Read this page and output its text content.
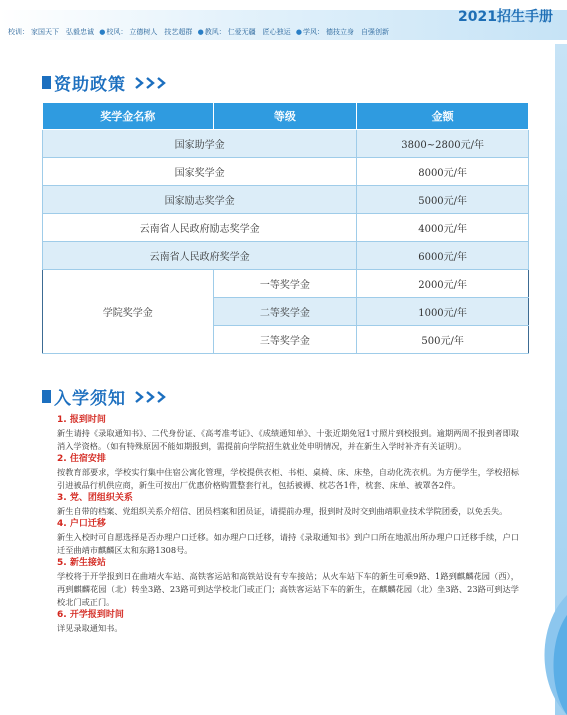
2021招生手册
校训： 家国天下　弘毅忠诚 ●校风： 立德树人　技艺超群 ●教风： 仁爱无疆　匠心独运 ●学风： 德技立身　自强创新
资助政策
奖学金名称	等级	金额
国家助学金		3800~2800元/年
国家奖学金		8000元/年
国家励志奖学金		5000元/年
云南省人民政府励志奖学金		4000元/年
云南省人民政府奖学金		6000元/年
学院奖学金	一等奖学金	2000元/年
	二等奖学金	1000元/年
	三等奖学金	500元/年
入学须知
1. 报到时间
新生请持《录取通知书》、二代身份证、《高考准考证》、《成绩通知单》、十张近期免冠1寸照片到校报到。逾期两周不报到者即取消入学资格。（如有特殊原因不能如期报到，需提前向学院招生就业处申明情况，并在新生入学时补齐有关证明）。
2. 住宿安排
按教育部要求，学校实行集中住宿公寓化管理，学校提供衣柜、书柜、桌椅、床、床垫，自动化洗衣机。为方便学生，学校招标引进被品行机供应商，新生可按出厂优惠价格购置整套行礼，包括被褥、枕芯各1件，枕套、床单、被罩各2件。
3. 党、团组织关系
新生自带的档案、党组织关系介绍信、团员档案和团员证，请提前办理，报到时及时交到曲靖职业技术学院团委，以免丢失。
4. 户口迁移
新生入校时可自愿选择是否办理户口迁移。如办理户口迁移，请持《录取通知书》到户口所在地派出所办理户口迁移手续，户口迁至曲靖市麒麟区太和东路1308号。
5. 新生接站
学校将于开学报到日在曲靖火车站、高铁客运站和高铁站设有专车接站；从火车站下车的新生可乘9路、1路到麒麟花园（西），再到麒麟花园（北）转坐3路、23路可到达学校北门或正门；高铁客运站下车的新生，在麒麟花园（北）坐3路、23路可到达学校北门或正门。
6. 开学报到时间
详见录取通知书。
